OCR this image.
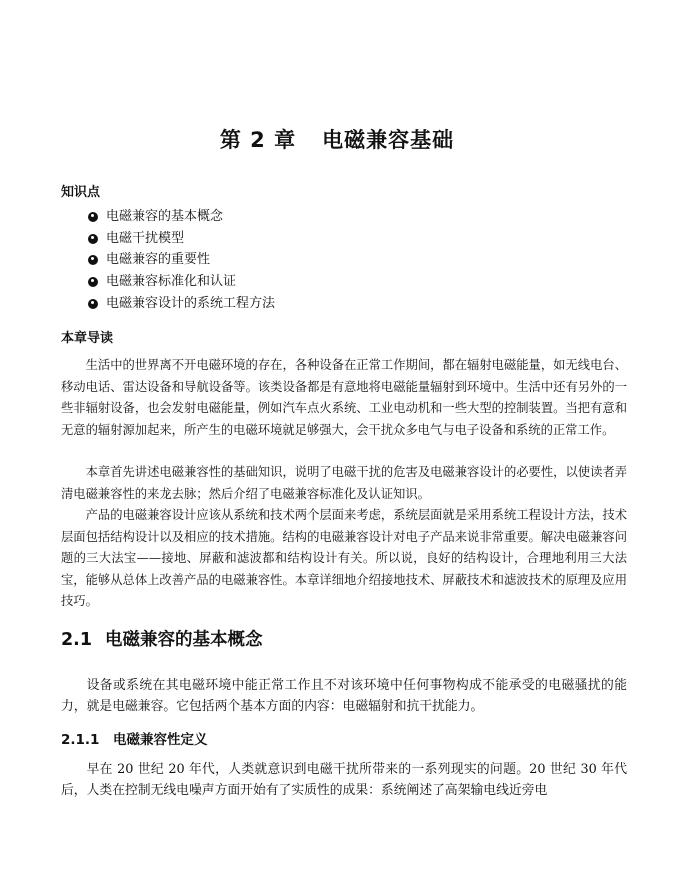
第 2 章 电磁兼容基础
知识点
电磁兼容的基本概念
电磁干扰模型
电磁兼容的重要性
电磁兼容标准化和认证
电磁兼容设计的系统工程方法
本章导读

生活中的世界离不开电磁环境的存在，各种设备在正常工作期间，都在辐射电磁能量，如无线电台、移动电话、雷达设备和导航设备等。该类设备都是有意地将电磁能量辐射到环境中。生活中还有另外的一些非辐射设备，也会发射电磁能量，例如汽车点火系统、工业电动机和一些大型的控制装置。当把有意和无意的辐射源加起来，所产生的电磁环境就足够强大，会干扰众多电气与电子设备和系统的正常工作。

本章首先讲述电磁兼容性的基础知识，说明了电磁干扰的危害及电磁兼容设计的必要性，以使读者弄清电磁兼容性的来龙去脉；然后介绍了电磁兼容标准化及认证知识。

产品的电磁兼容设计应该从系统和技术两个层面来考虑，系统层面就是采用系统工程设计方法，技术层面包括结构设计以及相应的技术措施。结构的电磁兼容设计对电子产品来说非常重要。解决电磁兼容问题的三大法宝——接地、屏蔽和滤波都和结构设计有关。所以说，良好的结构设计，合理地利用三大法宝，能够从总体上改善产品的电磁兼容性。本章详细地介绍接地技术、屏蔽技术和滤波技术的原理及应用技巧。

2.1 电磁兼容的基本概念

设备或系统在其电磁环境中能正常工作且不对该环境中任何事物构成不能承受的电磁骚扰的能力，就是电磁兼容。它包括两个基本方面的内容：电磁辐射和抗干扰能力。

2.1.1 电磁兼容性定义

早在 20 世纪 20 年代，人类就意识到电磁干扰所带来的一系列现实的问题。20 世纪 30 年代后，人类在控制无线电噪声方面开始有了实质性的成果：系统阐述了高架输电线近旁电
